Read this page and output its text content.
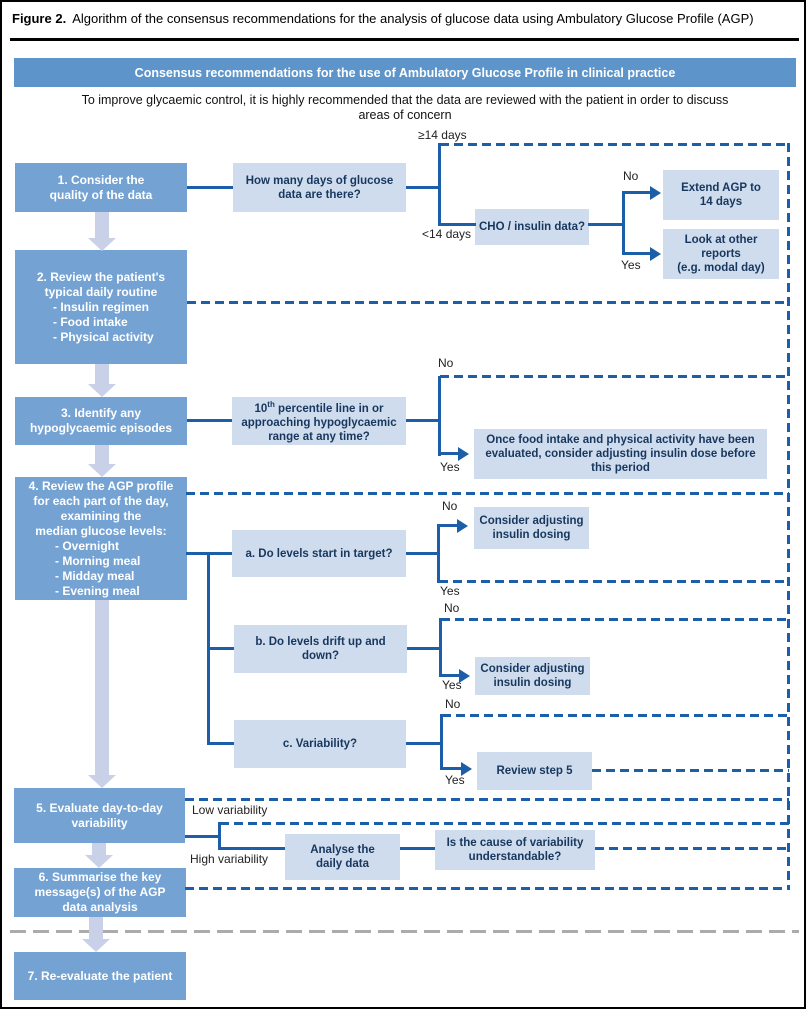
Figure 2. Algorithm of the consensus recommendations for the analysis of glucose data using Ambulatory Glucose Profile (AGP)
Consensus recommendations for the use of Ambulatory Glucose Profile in clinical practice
To improve glycaemic control, it is highly recommended that the data are reviewed with the patient in order to discuss areas of concern
1. Consider the
quality of the data
2. Review the patient's
typical daily routine
- Insulin regimen
- Food intake
- Physical activity
3. Identify any
hypoglycaemic episodes
4. Review the AGP profile
for each part of the day,
examining the
median glucose levels:
- Overnight
- Morning meal
- Midday meal
- Evening meal
5. Evaluate day-to-day
variability
6. Summarise the key
message(s) of the AGP
data analysis
7. Re-evaluate the patient
How many days of glucose data are there?
CHO / insulin data?
Extend AGP to
14 days
Look at other
reports
(e.g. modal day)
10th percentile line in or approaching hypoglycaemic range at any time?	Once food intake and physical activity have been evaluated, consider adjusting insulin dose before this period
a. Do levels start in target?
Consider adjusting insulin dosing
b. Do levels drift up and down?
Consider adjusting insulin dosing
c. Variability?
Review step 5
Analyse the
daily data
Is the cause of variability
understandable?
≥14 days
<14 days
No
Yes
No
Yes
No
Yes
No
Yes
No
Yes
Low variability
High variability
